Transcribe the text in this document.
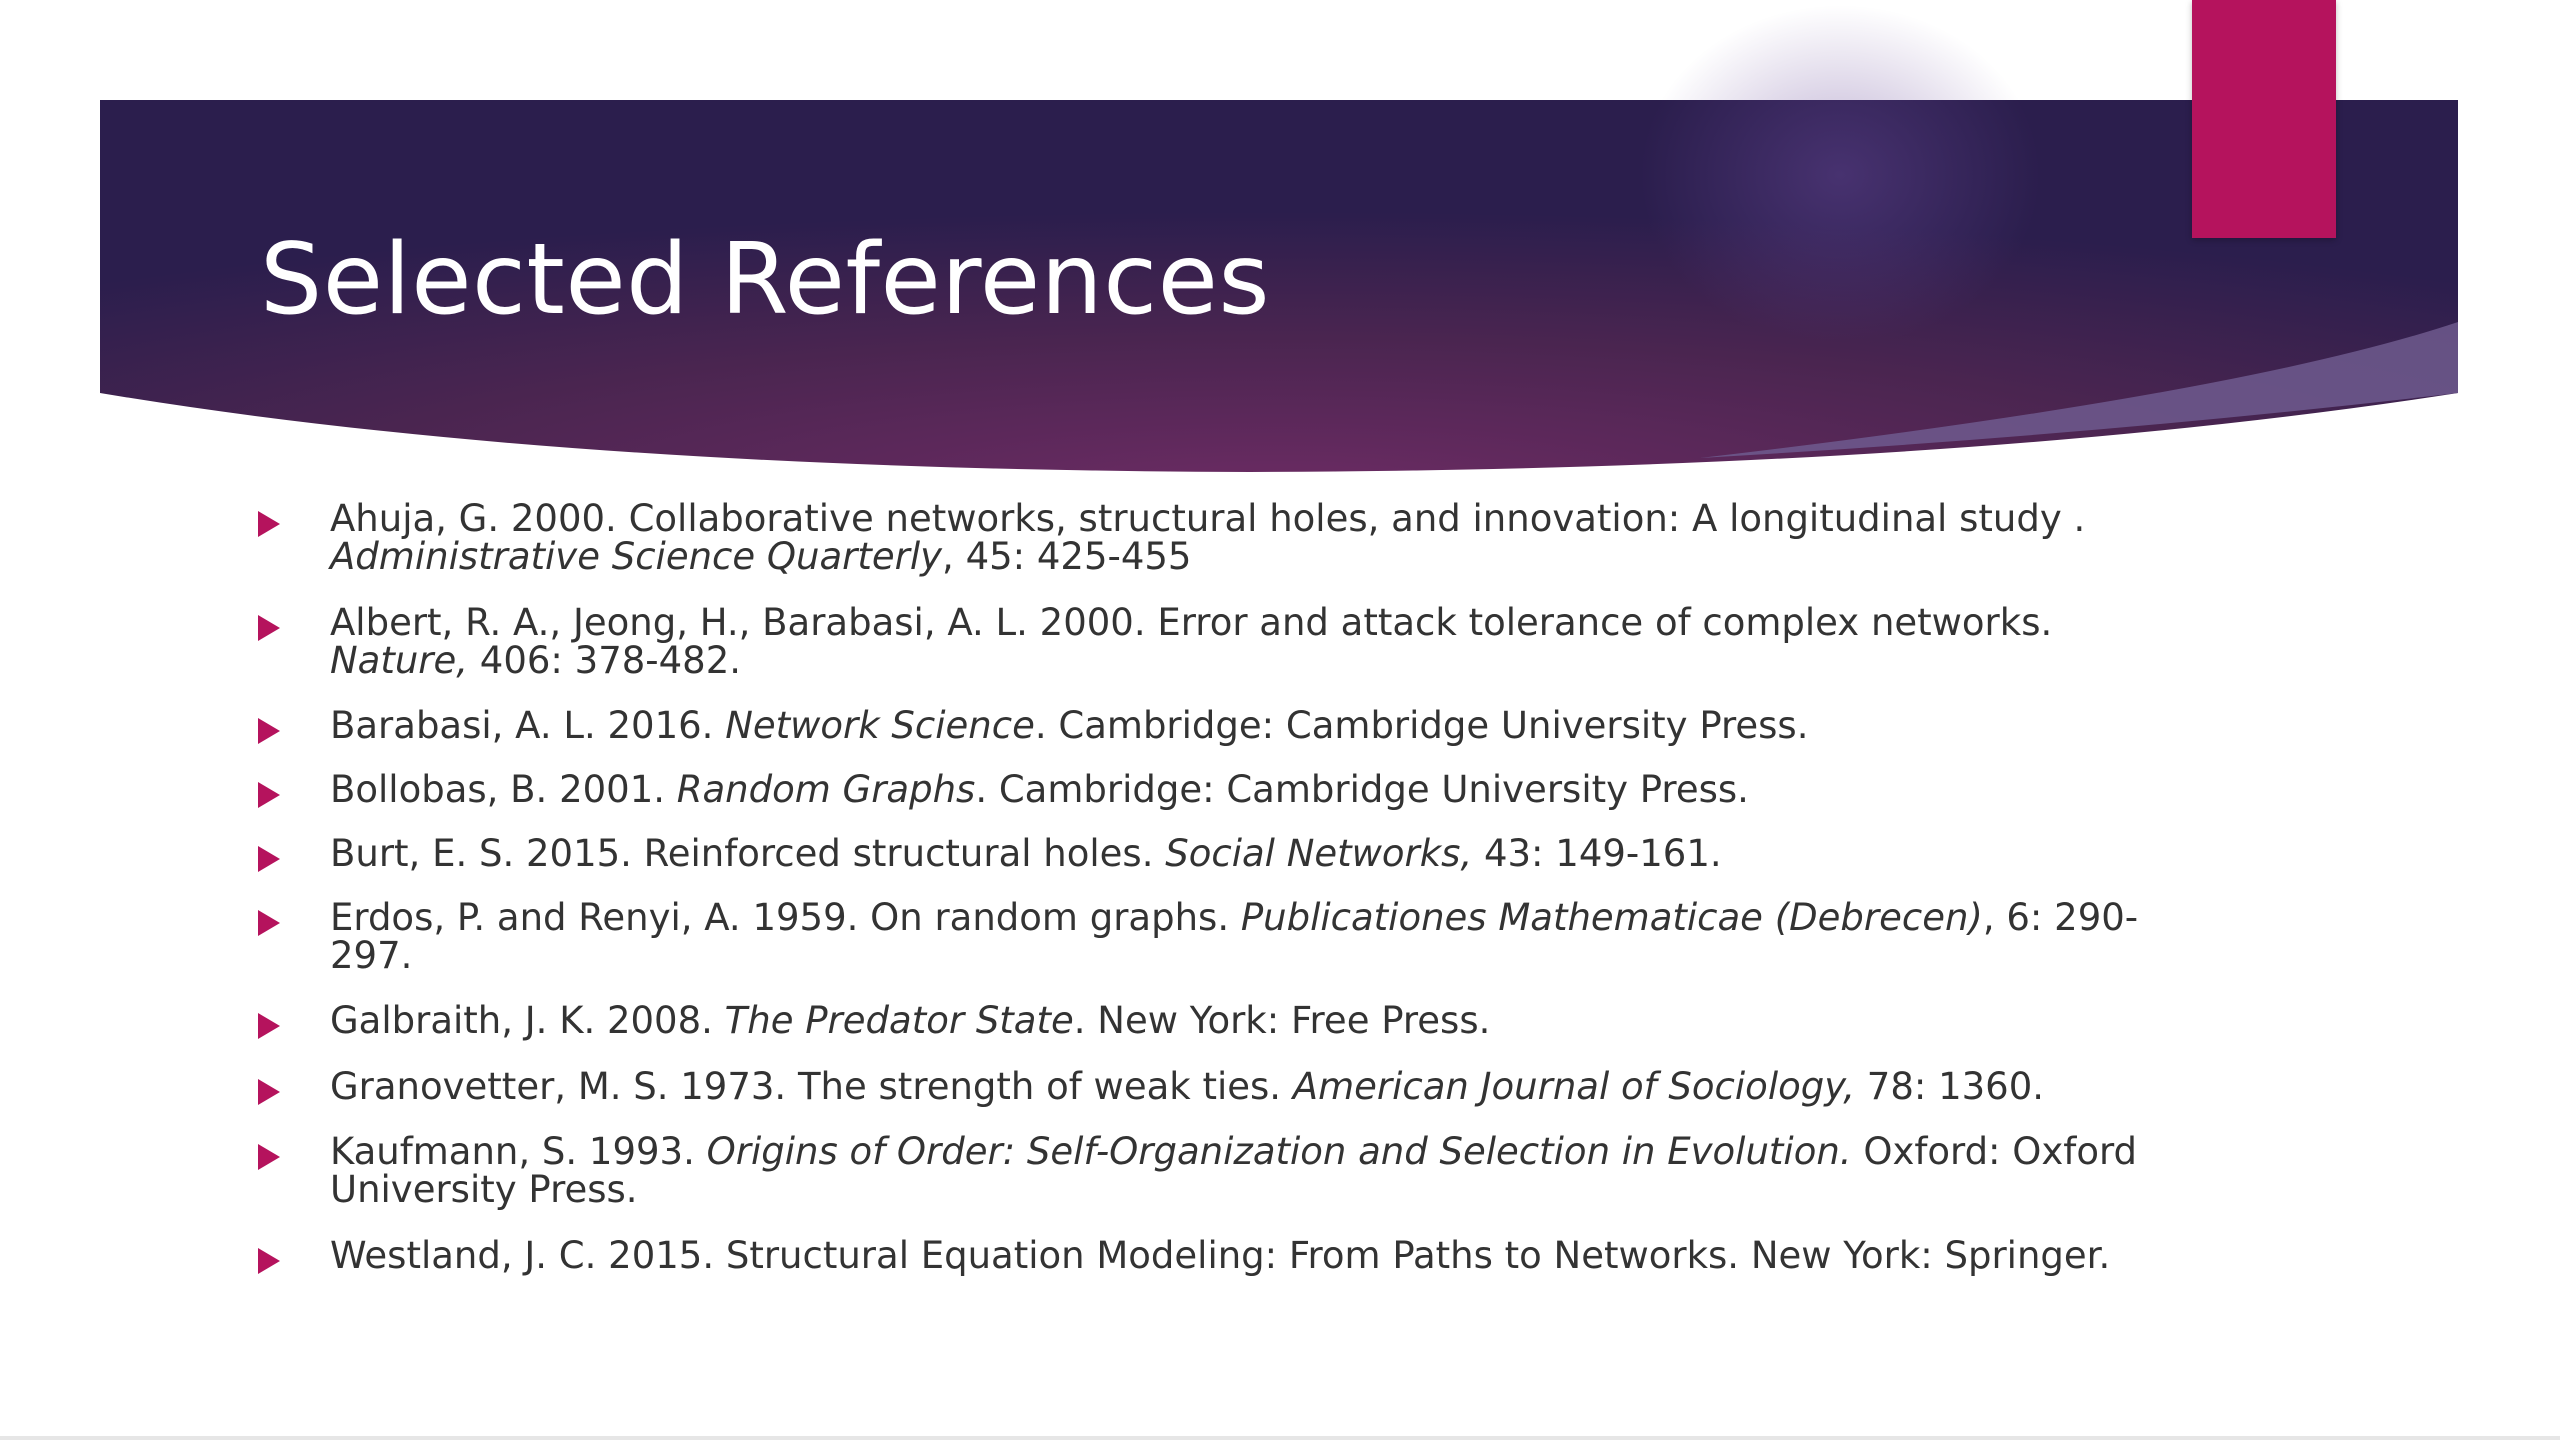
Selected References
Ahuja, G. 2000. Collaborative networks, structural holes, and innovation: A longitudinal study . Administrative Science Quarterly, 45: 425-455
Albert, R. A., Jeong, H., Barabasi, A. L. 2000. Error and attack tolerance of complex networks. Nature, 406: 378-482.
Barabasi, A. L. 2016. Network Science. Cambridge: Cambridge University Press.
Bollobas, B. 2001. Random Graphs. Cambridge: Cambridge University Press.
Burt, E. S. 2015. Reinforced structural holes. Social Networks, 43: 149-161.
Erdos, P. and Renyi, A. 1959. On random graphs. Publicationes Mathematicae (Debrecen), 6: 290-297.
Galbraith, J. K. 2008. The Predator State. New York: Free Press.
Granovetter, M. S. 1973. The strength of weak ties. American Journal of Sociology, 78: 1360.
Kaufmann, S. 1993. Origins of Order: Self-Organization and Selection in Evolution. Oxford: Oxford University Press.
Westland, J. C. 2015. Structural Equation Modeling: From Paths to Networks. New York: Springer.
